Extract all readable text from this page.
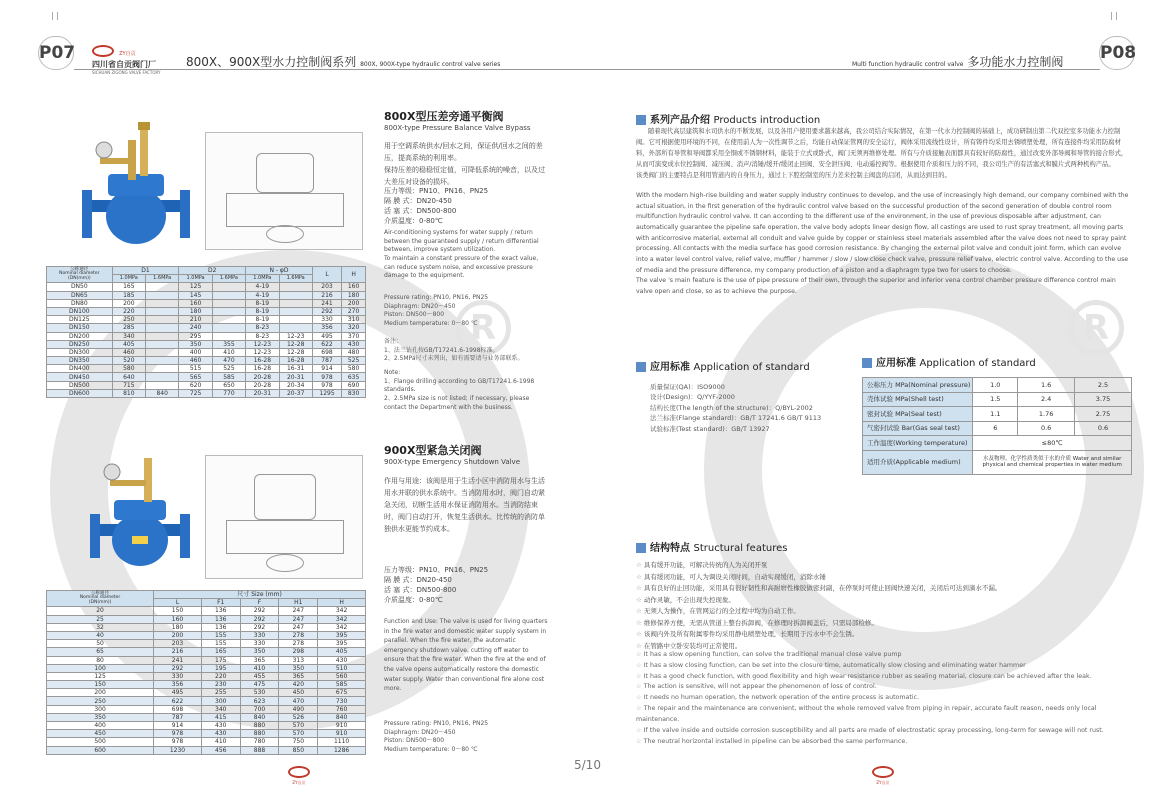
R
P07	ZY自贡
四川省自贡阀门厂
SICHUAN ZIGONG VALVE FACTORY
800X、900X型水力控制阀系列 800X, 900X-type hydraulic control valve series
公称通径
Nominal diameter
(DN(mm))	D1		D2		N - φD		L	H
	1.0MPa	1.6MPa	1.0MPa	1.6MPa	1.0MPa	1.6MPa		
DN50	165		125		4-19		203	160
DN65	185		145		4-19		216	180
DN80	200		160		8-19		241	200
DN100	220		180		8-19		292	270
DN125	250		210		8-19		330	310
DN150	285		240		8-23		356	320
DN200	340		295		8-23	12-23	495	370
DN250	405		350	355	12-23	12-28	622	430
DN300	460		400	410	12-23	12-28	698	480
DN350	520		460	470	16-28	16-28	787	525
DN400	580		515	525	16-28	16-31	914	580
DN450	640		565	585	20-28	20-31	978	635
DN500	715		620	650	20-28	20-34	978	690
DN600	810	840	725	770	20-31	20-37	1295	830
800X型压差旁通平衡阀
800X-type Pressure Balance Valve Bypass
用于空调系统供水/回水之间，保证供/回水之间的差压，提高系统的利用率。
保持压差的稳稳恒定值，可降低系统的噪音，以及过大差压对设备的损坏。
压力等级：PN10、PN16、PN25
隔 膜 式：DN20-450
活 塞 式：DN500-800
介质温度：0-80℃
Air-conditioning systems for water supply / return between the guaranteed supply / return differential between, improve system utilization.
To maintain a constant pressure of the exact value, can reduce system noise, and excessive pressure damage to the equipment.
Pressure rating: PN10, PN16, PN25
Diaphragm: DN20～450
Piston: DN500～800
Medium temperature: 0～80 ℃
备注：
1、法兰钻孔按GB/T17241.6-1998标准。
2、2.5MPa尺寸未列出，如有需要请与业务部联系。
Note:
1、Flange drilling according to GB/T17241.6-1998 standards.
2、2.5MPa size is not listed; if necessary, please contact the Department with the business.
公称通径
Nominal diameter
(DN(mm))	尺寸 Size (mm)				
	L	F1	F	H1	H
20	150	136	292	247	342
25	160	136	292	247	342
32	180	136	292	247	342
40	200	155	330	278	395
50	203	155	330	278	395
65	216	165	350	298	405
80	241	175	365	313	430
100	292	195	410	350	510
125	330	220	455	365	560
150	356	230	475	420	585
200	495	255	530	450	675
250	622	300	623	470	730
300	698	340	700	490	760
350	787	415	840	526	840
400	914	430	880	570	910
450	978	430	880	570	910
500	978	410	780	750	1110
600	1230	456	888	850	1286
900X型紧急关闭阀
900X-type Emergency Shutdown Valve
作用与用途：该阀是用于生活小区中消防用水与生活用水并联的供水系统中。当消防用水时，阀门自动紧急关闭，切断生活用水保证消防用水。当消防结束时，阀门自动打开，恢复生活供水。比传统的消防单独供水更能节约成本。
压力等级：PN10、PN16、PN25
隔 膜 式：DN20-450
活 塞 式：DN500-800
介质温度：0-80℃
Function and Use: The valve is used for living quarters in the fire water and domestic water supply system in parallel. When the fire water, the automatic emergency shutdown valve, cutting off water to ensure that the fire water. When the fire at the end of the valve opens automatically restore the domestic water supply. Water than conventional fire alone cost more.
Pressure rating: PN10, PN16, PN25
Diaphragm: DN20～450
Piston: DN500～800
Medium temperature: 0～80 ℃
ZY自贡
R
P08
Multi function hydraulic control valve 多功能水力控制阀
系列产品介绍 Products introduction
随着现代高层建筑和水司供水的不断发展，以及各用户使用要求越来越高，我公司结合实际情况，在第一代水力控制阀的基础上，成功研制出第二代双控室多功能水力控制阀。它可根据使用环境的不同，在使用前人为一次性调节之后，均能自动保证管网的安全运行，阀体采用流线性设计，所有铸件均采用去锈喷塑处理，所有连接件均采用防腐材料，外部所有导管和导阀都采用全铜或不锈钢材料，能装于立式或卧式，阀门无须再维修处理。所有与介质接触表面都具有较好的防腐性，通过改变外部导阀和导管的接合形式，从而可演变成水位控制阀、减压阀、消声/消锤/缓开/缓闭止回阀、安全泄压阀、电动遥控阀等。根据使用介质和压力的不同，我公司生产的有活塞式和膜片式两种机构产品。
该类阀门的主要特点是利用管道内的自身压力，通过上下腔控制室的压力差来控制主阀盘的启闭，从而达到目的。
With the modern high-rise building and water supply industry continues to develop, and the use of increasingly high demand, our company combined with the actual situation, in the first generation of the hydraulic control valve based on the successful production of the second generation of double control room multifunction hydraulic control valve. It can according to the different use of the environment, in the use of previous disposable after adjustment, can automatically guarantee the pipeline safe operation, the valve body adopts linear design flow, all castings are used to rust spray treatment, all moving parts with anticorrosive material, external all conduit and valve guide by copper or stainless steel materials assembled after the valve does not need to spray paint processing. All contacts with the media surface has good corrosion resistance. By changing the external pilot valve and conduit joint form, which can evolve into a water level control valve, relief valve, muffler / hammer / slow / slow close check valve, pressure relief valve, electric control valve. According to the use of media and the pressure difference, my company production of a piston and a diaphragm type two for users to choose.
The valve 's main feature is the use of pipe pressure of their own, through the superior and inferior vena control chamber pressure difference control main valve open and close, so as to achieve the purpose.
应用标准 Application of standard
质量保证(QA)：ISO9000
设计(Design)：Q/YYF-2000
结构长度(The length of the structure)：Q/BYL-2002
法兰标准(Flange standard)：GB/T 17241.6 GB/T 9113
试验标准(Test standard)：GB/T 13927
应用标准 Application of standard
公称压力 MPa(Nominal pressure)	1.0	1.6	2.5
壳体试验 MPa(Shell test)	1.5	2.4	3.75
密封试验 MPa(Seal test)	1.1	1.76	2.75
气密封试验 Bar(Gas seal test)	6	0.6	0.6
工作温度(Working temperature)	≤80℃		
适用介质(Applicable medium)	水及物理、化学性质类似于水的介质 Water and similar physical and chemical properties in water medium		
结构特点 Structural features
☆ 具有缓开功能，可解决传统的人为关闭开泵
☆ 具有缓闭功能，可人为调设关闭时间，自动实现缓闭，消除水锤
☆ 具有良好的止回功能，采用具有很好韧性和高耐磨性橡胶做密封副，在停泵时可使止回阀快速关闭，关闭后可达到滴水不漏。
☆ 动作灵敏，不会出现失控现象。
☆ 无须人为操作，在管网运行的全过程中均为自动工作。
☆ 维修保养方便，无需从管道上整台拆卸阀，在修理时拆卸阀盖后，只需局部检修。
☆ 该阀内外及所有附属零件均采用静电喷塑处理，长期用于污水中不会生锈。
☆ 在管路中立卧安装均可正常使用。
☆ It has a slow opening function, can solve the traditional manual close valve pump
☆ It has a slow closing function, can be set into the closure time, automatically slow closing and eliminating water hammer
☆ It has a good check function, with good flexibility and high wear resistance rubber as sealing material, closure can be achieved after the leak.
☆ The action is sensitive, will not appear the phenomenon of loss of control.
☆ It needs no human operation, the network operation of the entire process is automatic.
☆ The repair and the maintenance are convenient, without the whole removed valve from piping in repair, accurate fault reason, needs only local maintenance.
☆ If the valve inside and outside corrosion susceptibility and all parts are made of electrostatic spray processing, long-term for sewage will not rust.
☆ The neutral horizontal installed in pipeline can be absorbed the same performance.
5/10
ZY自贡
